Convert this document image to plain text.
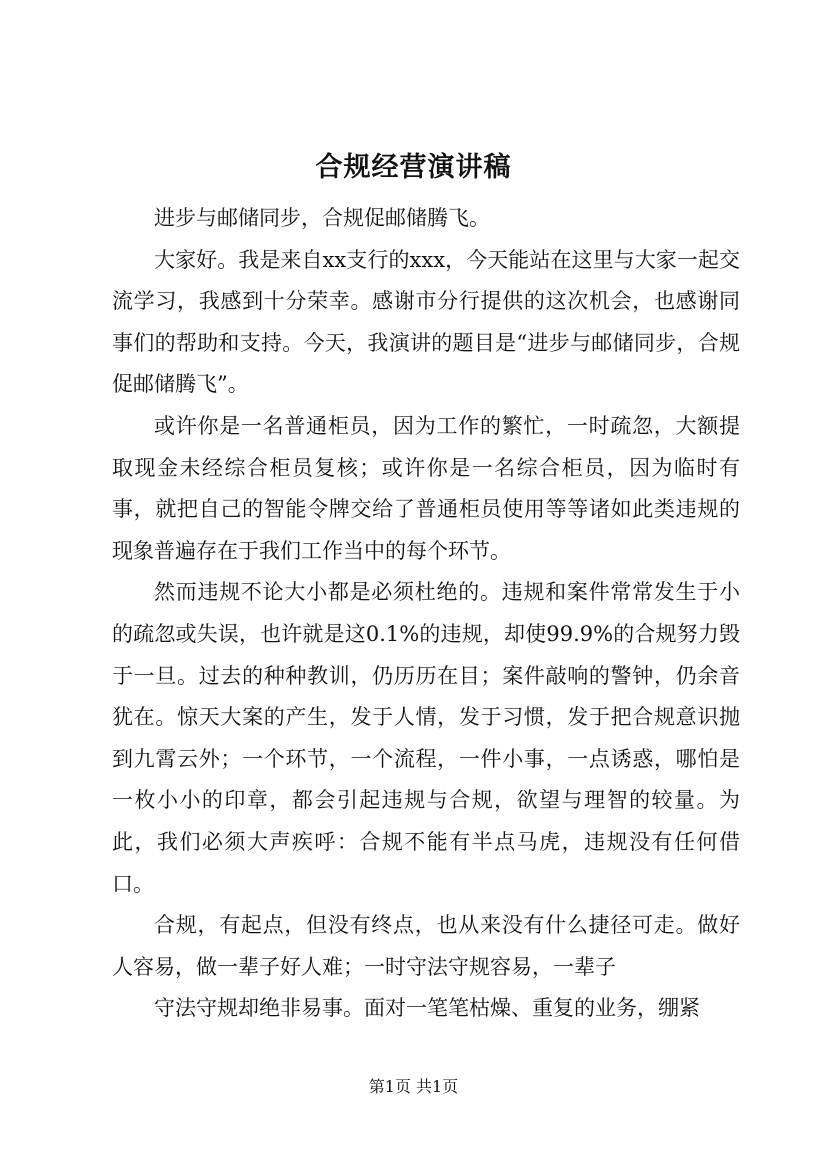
合规经营演讲稿

进步与邮储同步，合规促邮储腾飞。

大家好。我是来自xx支行的xxx，今天能站在这里与大家一起交流学习，我感到十分荣幸。感谢市分行提供的这次机会，也感谢同事们的帮助和支持。今天，我演讲的题目是“进步与邮储同步，合规促邮储腾飞”。

或许你是一名普通柜员，因为工作的繁忙，一时疏忽，大额提取现金未经综合柜员复核；或许你是一名综合柜员，因为临时有事，就把自己的智能令牌交给了普通柜员使用等等诸如此类违规的现象普遍存在于我们工作当中的每个环节。

然而违规不论大小都是必须杜绝的。违规和案件常常发生于小的疏忽或失误，也许就是这0.1%的违规，却使99.9%的合规努力毁于一旦。过去的种种教训，仍历历在目；案件敲响的警钟，仍余音犹在。惊天大案的产生，发于人情，发于习惯，发于把合规意识抛到九霄云外；一个环节，一个流程，一件小事，一点诱惑，哪怕是一枚小小的印章，都会引起违规与合规，欲望与理智的较量。为此，我们必须大声疾呼：合规不能有半点马虎，违规没有任何借口。

合规，有起点，但没有终点，也从来没有什么捷径可走。做好人容易，做一辈子好人难；一时守法守规容易，一辈子

守法守规却绝非易事。面对一笔笔枯燥、重复的业务，绷紧

第1页 共1页
